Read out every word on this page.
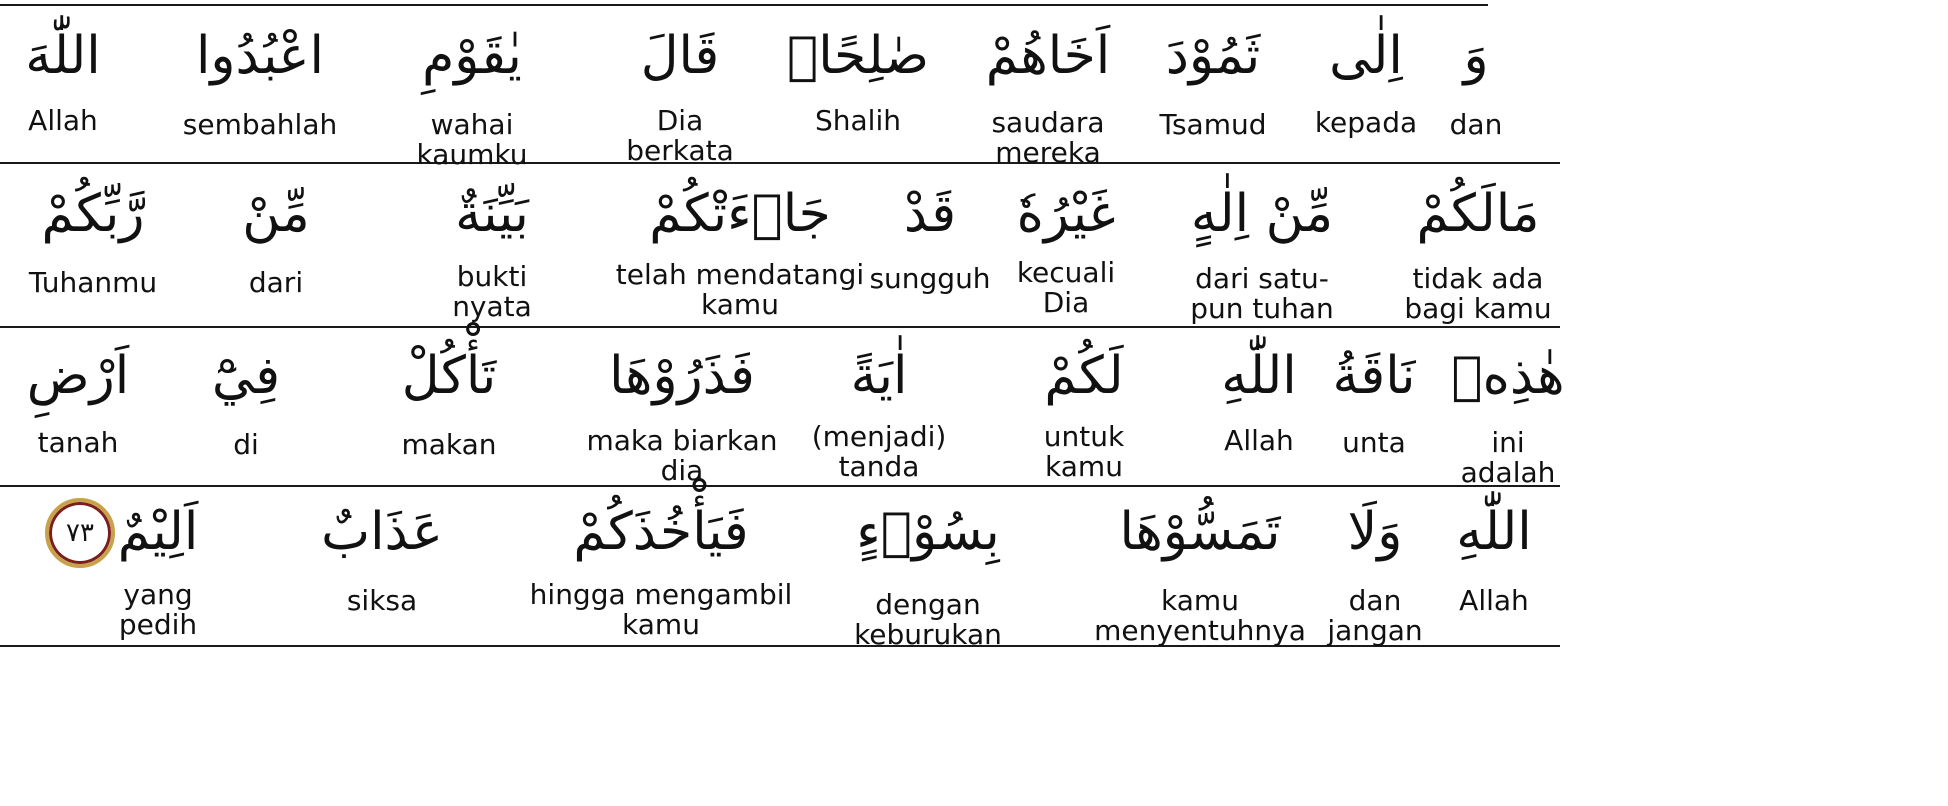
وَ
dan
اِلٰى
kepada
ثَمُوْدَ
Tsamud
اَخَاهُمْ
saudara
mereka
صٰلِحًاۘ
Shalih
قَالَ
Dia
berkata
يٰقَوْمِ
wahai
kaumku
اعْبُدُوا
sembahlah
اللّٰهَ
Allah
مَالَكُمْ
tidak ada
bagi kamu
مِّنْ اِلٰهٍ
dari satu-
pun tuhan
غَيْرُهٗ
kecuali
Dia
قَدْ
sungguh
جَاۤءَتْكُمْ
telah mendatangi
kamu
بَيِّنَةٌ
bukti
nyata
مِّنْ
dari
رَّبِّكُمْ
Tuhanmu
هٰذِهٖ
ini
adalah
نَاقَةُ
unta
اللّٰهِ
Allah
لَكُمْ
untuk
kamu
اٰيَةً
(menjadi)
tanda
فَذَرُوْهَا
maka biarkan
dia
تَأْكُلْ
makan
فِيْٓ
di
اَرْضِ
tanah
اللّٰهِ
Allah
وَلَا
dan
jangan
تَمَسُّوْهَا
kamu
menyentuhnya
بِسُوْۤءٍ
dengan
keburukan
فَيَأْخُذَكُمْ
hingga mengambil
kamu
عَذَابٌ
siksa
اَلِيْمٌ
yang
pedih
٧٣
